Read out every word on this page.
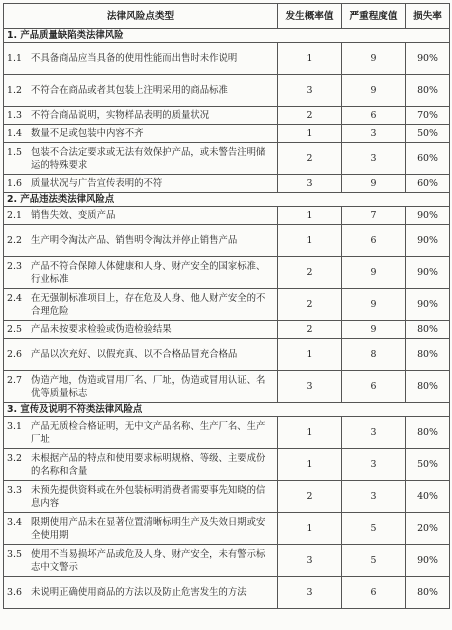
法律风险点类型	发生概率值	严重程度值	损失率
1. 产品质量缺陷类法律风险			

1.1 不具备商品应当具备的使用性能而出售时未作说明	1	9	90%

1.2 不符合在商品或者其包装上注明采用的商品标准	3	9	80%

1.3 不符合商品说明，实物样品表明的质量状况	2	6	70%

1.4 数量不足或包装中内容不齐	1	3	50%

1.5 包装不合法定要求或无法有效保护产品，或未警告注明储运的特殊要求	2	3	60%

1.6 质量状况与广告宣传表明的不符	3	9	60%
2. 产品违法类法律风险点			

2.1 销售失效、变质产品	1	7	90%

2.2 生产明令淘汰产品、销售明令淘汰并停止销售产品	1	6	90%

2.3 产品不符合保障人体健康和人身、财产安全的国家标准、行业标准	2	9	90%

2.4 在无强制标准项目上，存在危及人身、他人财产安全的不合理危险	2	9	90%

2.5 产品未按要求检验或伪造检验结果	2	9	80%

2.6 产品以次充好、以假充真、以不合格品冒充合格品	1	8	80%

2.7 伪造产地，伪造或冒用厂名、厂址，伪造或冒用认证、名优等质量标志	3	6	80%
3. 宣传及说明不符类法律风险点			

3.1 产品无质检合格证明，无中文产品名称、生产厂名、生产厂址	1	3	80%

3.2 未根据产品的特点和使用要求标明规格、等级、主要成份的名称和含量	1	3	50%

3.3 未预先提供资料或在外包装标明消费者需要事先知晓的信息内容	2	3	40%

3.4 限期使用产品未在显著位置清晰标明生产及失效日期或安全使用期	1	5	20%

3.5 使用不当易损坏产品或危及人身、财产安全，未有警示标志中文警示	3	5	90%

3.6 未说明正确使用商品的方法以及防止危害发生的方法	3	6	80%
